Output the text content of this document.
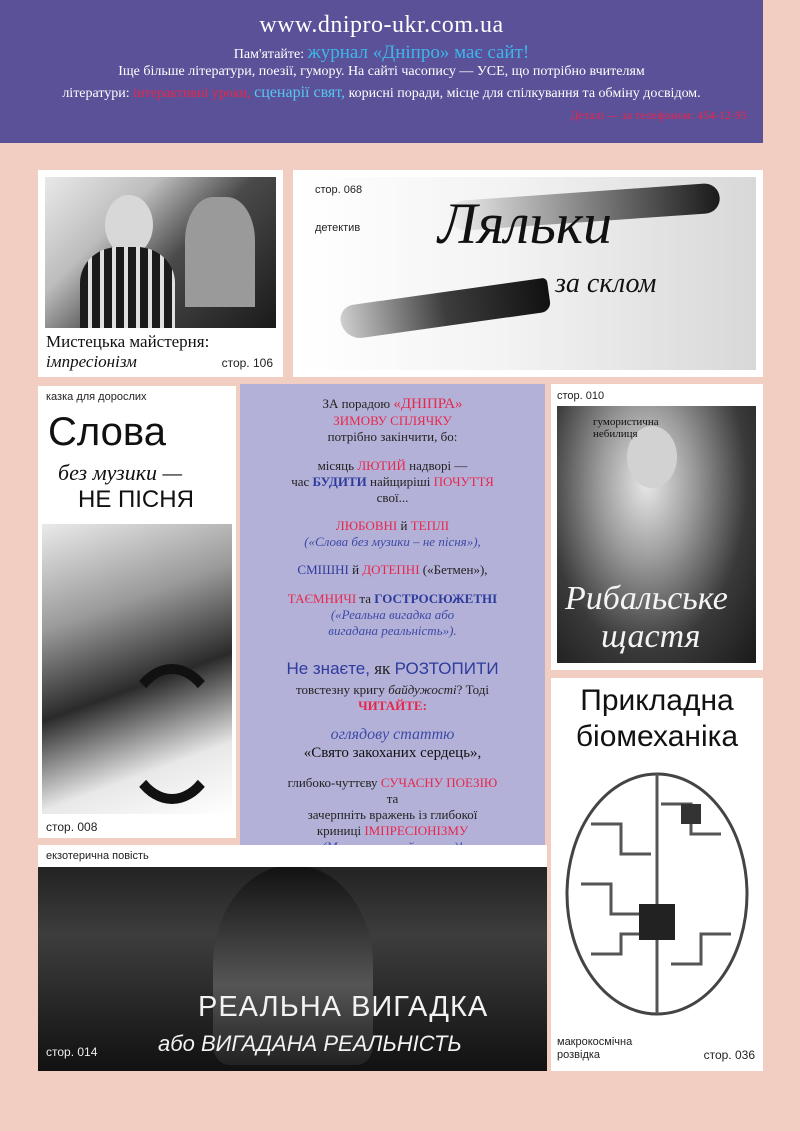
www.dnipro-ukr.com.ua
Пам'ятайте: журнал «Дніпро» має сайт!
Іще більше літератури, поезії, гумору. На сайті часопису — УСЕ, що потрібно вчителям
літератури: інтерактивні уроки, сценарії свят, корисні поради, місце для спілкування та обміну досвідом.
Деталі — за телефоном: 454-12-95
Мистецька майстерня:
імпресіонізм	стор. 106
стор. 068
детектив Ляльки
за склом
казка для дорослих
Слова
без музики —
НЕ ПІСНЯ
стор. 008

ЗА порадою «ДНІПРА»

ЗИМОВУ СПЛЯЧКУ

потрібно закінчити, бо:

місяць ЛЮТИЙ надворі —

час БУДИТИ найщиріші ПОЧУТТЯ

свої...

ЛЮБОВНІ й ТЕПЛІ

(«Слова без музики – не пісня»),

СМІШНІ й ДОТЕПНІ («Бетмен»),

ТАЄМНИЧІ та ГОСТРОСЮЖЕТНІ

(«Реальна вигадка або

вигадана реальність»).

Не знаєте, як РОЗТОПИТИ

товстезну кригу байдужості? Тоді

ЧИТАЙТЕ:

оглядову статтю

«Свято закоханих сердець»,

глибоко-чуттєву СУЧАСНУ ПОЕЗІЮ

та

зачерпніть вражень із глибокої

криниці ІМПРЕСІОНІЗМУ

стор. 010
гумористична
небилиця
Рибальське
щастя
Прикладна
біомеханіка
макрокосмічна
розвідка	стор. 036
екзотерична повість
РЕАЛЬНА ВИГАДКА
або ВИГАДАНА РЕАЛЬНІСТЬ
стор. 014
